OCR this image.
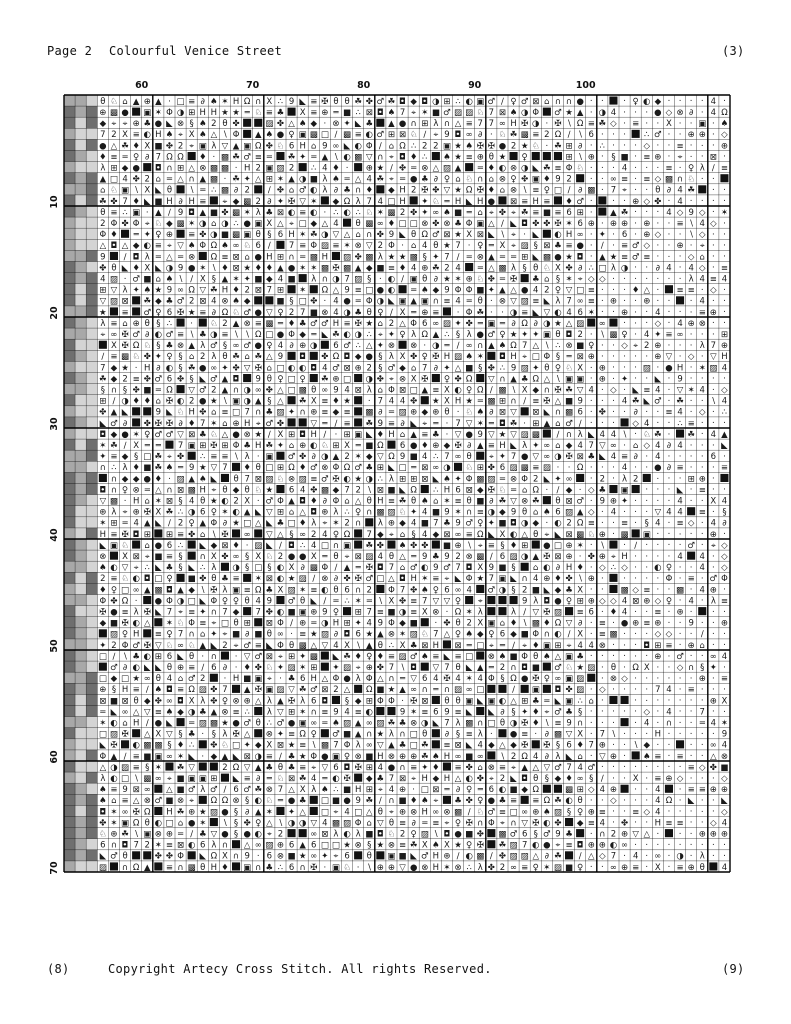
Page 2 Colourful Venice Street	(3)
60	70	80	90	100
10
20
30
40
50
60
70
θ ♘ ⌂ ▲ ⊕ ▲ · □ ≡ ∂ ♠ ✶ H Ω ∩ X ∴ 9 ◣ ≡ ✠ θ θ ☘ ✤ ♂ ☘ ◘ ◆ ◘ ◑ ⊞ ∴ ◐ ▣ ♂ ∕ ♀ ♂ ⊠ ⌂ ∩ ∩ ● · · · ♀ ◐ ◆ · · · · 4 ·
⊕ ▩ ● ▣ ✶ Φ ◑ ⊞ H H ★ ★ ═ ♘ ≡ ♣ X ≡ ⊕ ═ ■ ∴ ⊠ ◘ ♠ 7 ⌖ ✶ ■ ♂ ▨ ▨ ♘ 7 ⊠ ♠ ◑ Φ ♂ ★ ▲ · ◑ 4 · · · ● ◇ ⊗ ∂ · 4 Ω
◆ ⌖ ⌖ ⊕ ♣ ● ◣ ⊗ § ♠ 2 θ ✤	▨ ✤ △ ♠ ◆ · ⊗ ✦ ◣ ♣ ▲ ● ∩ ⊞ λ ∩ △ ≡ 7 7 ∞ H ✠ ◑ · ✠ ∖ Ω ≡ ☘ ◇ · ≡ · · X · · ▣ · ♠
7 2 X ≡ ◐ H ♠ ⌖ X ♠ △ ∖ Φ ▲ ♠ ● ♀ ▣ ▩ □ ∕ ▩ ≡ ◐ ♂ ⊞ ⊠ ♘ ∕ ⌖ 9 ◘ ∞ ∂ · ♘ ☘ ▩ ≡ 2 Ω ∕ ∖ 6 · · · ∴ ♂ · · ⊕ ⊕ · ◇
● △ ☘ ♦ X ■ ✤ 2 ⌖ ▣ λ ▽ ▲ ▣ Ω ✤ ♘ 6 H ⌂ 9 ∞ ◣ ◐ Φ ∕ ⌂ Ω ∴ 2 2 ▣ ★ ♠ ✠ ✠ ● 2 ★ ♘ · ☘ ⊞ ∂ · ∴ · · · ◇ · · ≡ · · · ⊕
♦ ≡ ═ ♀ ∂ 7 Ω Ω ♦ · ▩ ☘ ♂ ≡ ═ ☘ ✦ ═ ▲ ∖ ◐ ▩ ▽ ∩ ⌖ ◘ ♦ ∴ ♠ ★ ≡ ⊕ θ ★ ♀	⊞ ∖ ⊕ · § ■ · ≡ ⊕ · ⌖ · · ⊠ ·
λ ⊞ ◆ ● ◘ ∩ ⊞ △ ⊗ ▩ ▩ · H 2 ▣ ▨ 2 ∴ 4 ♦ · ⊕ ★ ∕ ✤ ═ ⊗ △ ▨ ▲ ═ ♦ ◐ ⊗ ◑ ◣ ☘ ≡ Φ ♘ · · · 4 · · · ≡ · ♀ λ ∕ ≡
▲ □ 4 ✤ 2 ⌂ ═ △ ∩ ▲ ▩ · ☘ ✦ △ ⊞ ✶ ▲ ◑ ■ λ ♠ ═ △ 4 ☘ ⌖ ═ ● ♣ ∂ ♀ ⌂ ♘ ∩ ⌂ ⊗ ♀ ✤ ▣ ♦ 9 2 · · ∞ ≡ · ≡ ◇ ▩ ∩ ♘ · ·
⌂ ♘ ▣ ∖ X ◣ θ ∖ ═ ∴ ▩ ∂ 2 ∕ ✤ ⌂ ♂ ◐ λ ∂ ♣ ∩ ♦ ◆ H 2 ✠ ✤ ▽ ★ Ω ✠ ♦ ⌂ ⊗ ∖ ≡ ♀ □ ∕ ∂ ▩ · 7 ⌖ · · θ ∂ 4 ☘ · ·
☘ ✤ 7 ♦ ◣ ■ H ∂ H ≡ ⌖ ◆ ▩ 2 ∂ ✦ ✠ ▽ ✶ ◆ Ω λ 7 4 □ H ✦ ♘ ═ H ◣ H ● ⊠ ≡ H ≡ ♦ ♂ · · · ⊕ ◇ ✤ · 4 · · · ·
θ ≡ ∴ ▣ · ▲ ∕ 9 ◘ ▲ ■ ✤ ▩ ✶ λ ♣ ⊠ ◐ ≡ ◐ · ∴ ◐ ∴ ♘ ✶ ▩ 2 ✤ ✦ ∞ ♠ ■ ═ ⌂ ⌖ ✤ ⌖ ☘ ≡ ■ ≡ 6 ⊞ · ▲ ☘ · · · 4 ◇ 9 ◇ · ✶
2 Φ ✤ Φ ⌖ ♘ ◆ ▩ ✶ ◑ ⌂ ◑ ∴ ● ▣ X △ ⌖ □ ◆ △ 4 θ ▩ ∞ ♦ □ □ ⊗ ✤ ⊗ ♣ Φ ▣ △ ∕ ◣ ◘ ✤ ✤ ✠ ✶ 6 ⊕ · ⊕ ⊕ · ⊕ · · ≡ ∖ 4 ◇ ·
Φ ♦ ═ ✦ ♀ ⊕ ≡ ✤ ◑ ■ ▩ ▣ θ § 6 H ✶ ☘ ◑ ▽ △ ⌂ ∩ ✤ 9 ◣ θ Ω ♂ ⊠ ★ X ⊠ ◣ ∖ ⌖ · ◣ ◐ H ∞ · ✦ · 6 · ⊕ ◇ · · ∖ ◇ · ·
△ ◘ △ ◆ ◐ ≡ ⌖ ▽ ♠ Φ Ω ♠ ∞ ♘ 6 ∕ 7 ≡ Φ ▨ ≡ ✶ ⊗ ▽ 2 Φ · ⌂ 4 θ ★ 7 · ♀ ═ X ⌖ ▨ § ⊠ ♣ ≡ ● · ∕ · ≡ ♂ ◇ · · ⊕ · ⌖ · ·
9 ∕ ◘ λ ═ △ ═ ⊗ Ω ≡ ⊠ ⌂ ● H ⊞ ∩ ═ ▩ H ▨ ✤ ▩ λ ★ ★ ▩ § ✦ 7 ∕ ═ ⊗ ▲ ═ ═ ⊞ ◣ ▩ ● ★ ◘ · ▲ ★ ≡ ♂ ≡ · · · ◇ ⌂ · ·
✤ θ ◣ ♦ X ◣ ◑ 9 ● ✶ ∖ ♦ ⊠ ★ ♦ ♦ ▲ ● ✶ ✶ ▩ ✠ ▩ ▲ ◆ ■ ≡ ♦ 4 ⊕ ☘ 2 4 ═ △ ▩ λ § θ ♘ X ✤ ∂ ∴ □ λ ◑ · · ∂ 4 · 4 ◇ · ≡
4 ▨ · ♂ ■ ⌂ ♠ ∖ ∕ X § ▲ ✶ ✦ ■ ◆ 4 ■ λ ∩ ◑ 7 ▨ § · ◐ ∕ ▣ θ ∂ ★ ✶ ⊕ ♘ ✤ ═ ✠ ♣ ⌂ § ✶ ⌖ ◇ ◇ · · · · · · · λ 4 ≡ 4
⊞ ▽ λ ✦ ♠ ★ 9 ∞ Ω ▽ ☘ H ♦ 2 ⊠ 7 ⊞ ✶ Ω △ 9 ≡ □ ● ◐ ═ ♠ ◆ 9 Φ Φ ■ ✦ ▲ △ ● 4 2 ♀ ▽ □ ≡ · · · ♦ △ · ≡ ≡ · ◇ ·
▽ ▨ ⊠ ☘ ◆ ♣ ♂ 2 ⊠ 4 ⊗ ♠ ◆	■ § □ ✤ · 4 ● ═ Φ ◑ ◣ ▣ ▲ ▣ ∩ ≡ 4 ═ θ · ⊗ ▽ ▨ ≡ ◣ λ 7 ∞ ≡ · ⊕ · · ⊕ · · · 4 · ·
★ ≡ ♂ ♀ 6 ✠ ★ ≡ ∂ Ω ♘ ♂ ● ▽ ♀ 2 7 ■ ⊗ 4 ◑ ♣ θ ♀ ∕ X ═ ⊕ ≡ · Φ ☘ · · ◑ ≡ ◣ ▽ ◐ 4 6 ✶ · · ⊕ · · 4 · · · ≡ ⊕ ·
λ ≡ ⌂ ⊕ θ § ∴ · ♘ 2 ▲ ⊗ ≡ ▩ ═ ♦ ♣ ♂ ♂ H ≡ ✠ ★ ⌂ 2 △ Φ 6 ∞ ▨ ✦ ✤ ═ ▣ ═ ∂ Ω ∂ ◑ ★ △ ▨ ∞ · · · ◇ · 4 ⊕ ⊗ · ·
⌖ ∞ ✠ ♂ ∂ ◐ ♂ ≡ ∖ ♣ ◑ ≡ ∖ ∖ Ω □ ● Φ ◆ ═ ◣ ☘ ◐ ◑ ∴ ⌖ ✦ ♀ λ Ω ▲ ∴ § λ ● ♂ ♀ ★ ✦ ✦ ▣ θ ◘ 2 · ∖ ▩ ♀ · 4 ✦ ≡ ∞ · · · ⊞
X ✠ Ω ♘ § ♣ ⊗ ▲ λ ♂ § ∞ ♂ ● ♀ 4 ∂ ⊕ ◑ 6 ♂ ∴ △ ✦ ⊗ ⊗ · ◑ ═ ∕ ∞ ∩ ▲ ♠ Ω 7 △ ∖ ∴ ⊗ ■ ♀ · · ◇ ⌖ 2 ⊕ · · · λ 7 ⊕
∕ ≡ ▩ ♘ ✤ ✦ ♀ § ⌂ 2 λ θ ☘ ⌂ ☘ △ 9 ◘ ✤ Ω ◘ ◆ ● § λ X ✤ ♀ ✠ H ▨ ♠ ✶ ◘ H ⌖ □ Φ § ═ ⊠ ⊕ · · · · · ⊕ ▽ · ◇ · ▽ H
7 ◆ ★ · H ∂ ◐ § ☘ ● ∞ ✦ ✤ ▽ ✠ ⌂ □ ◐ ◐ ◘ 4 ♂ ⊠ ⊕ 2 § ♂ ◆ ⌂ 7 ∂ ✦ △ ■ § ✤ ∴ 9 ▨ ✦ θ ♀ ♘ X · ⊕ · · · ▨ · ● H · ✶ ▨ 4
☘ ◆ 2 ≡ ✤ ♂ 6 ✤ § ◣ ♂ ▲ ◘ 9 θ ♀ □ ♀ ☘ ⊕ □ ◑ ✤ ⌖ ⊗ X ✠ ♀ ✤ Ω ▽ ∩ ▲ ♣ Ω △ ∖ ▣ ▣ · ⊕ · ✦ · · ◣ · 9 · · · ·
§ ∩ § ✤ ■ ═ Ω ▽ ♂ 2 ▲ ∩ ◑ ∞ ✤ △ □ ▩ θ ∞ 9 4 ⊠ λ ⌂ Φ ⊠ □ ▲ ≡ X ◐ ♀ Ω ∕ ▩ ∖ X ◆ ∩ ✠ ☘ ▽ 4 · ◇ · ◣ ≡ 4 · ▽ ✶ 4 · ◇
⊞ ∕ ◑ ♦ ♦ ⌂ ✠ ◐ 2 ● ★ ∖ ▣ ◑ ▲ § △ ☘ X ≡ ♦ ★ · 7 4 4 ✤ ★ X H ★ ═ ▩ ⊞ ∩ ∕ ≡ ✠ △ ■ 9 · · · 4 ☘ ◣ ♂ · ☘ · · ∖ 4
✤ ▲ ◣	9 ◣ ♘ H ✤ ⌂ ≡ □ 7 ∩ ♣ ▨ ✦ ∩ ⊕ ≡ ◆ ≡ ▩ ∂ ═ ▨ ⊕ ◆ ⊕ θ · ♘ ♠ ∂ ⊠ ▽ ⊠ ◣ ∩ ▩ 6 · ✤ · · ∂ · · ≡ 4 · ◇ · ∴
◣ ♂ ∂ ✤ ✠ ✠ ∂ ♦ 7 ✶ ⌂ ⊕ H ⌖ ♂ ✤	▽ ═ ∕ ≡ ☘ 9 ≡ ∂ ◣ ⌖ ═ · 7 ▽ ✶ ═ ◘ ☘ · ⊞ ▲ ⌂ ♂ ∕ · · · ◇ 4 · · ∴ ≡ · · ·
◘ ◆ ● ✶ ♀ ♂ ♂ ▽ ⊠ ♣ ♘ △ ● ⊗ ★ ∕ X ⊞ ◘ H ∕ · ⊞ ▣ ◣ ♦ H ⌂ ▲ ≡ ♣ · ▽ ● 9 ▽ ★ ▽ ▨ ▩ ∕ ∩ λ ◣ 4 4 ∖ · ♘ ☘ · ☘ · 4 ▲
✶ ☘ ∕ X ═ ═ 7 ▣ ⊞ ✠ ⊞ Φ ♣ H ☘ ✦ ⌂ ⊕ ◐ ♘ ⊞ X ═ ■ Ω 6 ● ♦ ⊕ ◆ ✠ ∂ ▲ ≡ H ◣ λ ✦ ∞ ⌂ ◆ 4 7 ▽ ∞ · ⌂ ◇ 4 ∂ 4 · · · ◣
✦ ≡ ◆ § □ ☘ ⌖ ✤ ∴ ≡ ≡ ∖ λ · ▣ ♂ ✤ ∂ ◑ ▲ 2 ✶ ◆ ▽ Ω 9 ■ 4 ∴ 7 ∞ θ ⌖ ✦ 7 ● ▽ ∞ ◑ ✠ ⊠ ♣ ◣ 4 ≡ ∂ · 4 · · · · 6 ·
∩ ∴ λ ♦ ■ ☘ ♠ ═ 9 ★ ▽ 7 ♦ θ □ ⊞ Ω ♦ ♂ ⊗ Φ Ω ♂ ♣ ⊞ ◣ □ ═ ⊠ ∞ ◑ ♘ ⊞ ✤ 6 ▨ ▩ ≡ ▨ · · Ω · · · 4 · · ● ∂ ≡ · · · ≡
∩ ◆ ◆ ● ♦ · ▨ ▲ ♠ ◣ θ 7 ⊠ ▨ ♘ ⊗ ▨ ≡ ♂ ✠ ◐ ★ ◑ ∴ λ ⊞ ⊞ ⊠ ◣ ♠ ✦ Φ ▩ ▨ ═ ⊗ Φ 2 ◣ ✦ ∞ · 2 · λ 2 · · · ⊞ ⊕ ·
◘ ∩ ♀ ⊗ ═ △ ∩ ⊠ ▩ H ⌖ θ ◆ θ ♘ ★ 6 4 ✤ ▩ ◆ 7 2 ∖ ⊠ ■ ◣ Ω ∴ H 6 ⊠ ◆ ✠ ♘ ═ ⌂ Ω · ∕ ◆ · ◇ ♣ ▣ · · · ◣ · ≡ · ·
▽ ▩ · H ⌂ ✶ ⊠ § 4 θ ★ ◐ 2 X · ♂ Φ ▲ ◘ ♦ ∂ Φ ⌂ △ θ H ≡ ☘ θ ♠ ⌂ ✶ ≡ θ ■ ∂ ☘ ▽ ⊗ ☘ θ ⊠ ♂ · 9 ⊕ ✦ · · · · 4 · · X 4
⊕ λ ⌖ ⊕ ✠ X ☘ ∴ ◑ 6 ♀ ✶ ◐ ▲ ◣ ▽ ⊞ ⌂ △ ◘ ⊕ λ ∴ ♀ ∩ ▩ ▨ ♘ ✦ 4 ■ 9 ✶ ∩ ≡ ◑ ◆ 9 θ ⌂ ♠ 6 ▨ ▲ ◇ · 4 · · · ▽ 4 4 ≡ · §
✶ ⊞ ═ 4 ▲ ◣ ∕ 2 ♀ ▲ Φ ∂ ★ □ △ ◣ ♣ □ ♦ λ ⌖ ✶ 2 ∩ λ ⊕ ◆ 4 ■ 7 ♣ 9 ♂ ♀ ✦ ■ ◘ ◑ ◆ · ◐ 2 Ω ≡ · · ≡ · § 4 · ≡ ◇ · 4 ∂
H ≡ ✠ ◘ ⊞ ⊞ ≡ ✤ ⌂ ∖ ✠ ∞ ▽ △ § ∞ 2 4 ♀ Ω 7 ◆ ⌖ ⌂ § 4 ◆ ⊠ ∞ ≡ Ω ◣ X ◐ △ θ ⌖ ◣ ⊠ ▩ ♘ ⊕ · ▩ ▣ · · · · · ⊕ ·
◣ ▣ ♘ ⌂ ● 6 ∴ ◣ ◆ ⊠ ♦ · ▨ ◣ ∕ ◘ ∴ 4 □ ∩ ▣ ☘ ✤ ♠ ✤ ✤ ■ ⊕ ∖ ⌖ ≡ § ♦ ⊞ ● □ ⊕ ✶ · ∖ · ∕ · · · · ♂ · ⌖ ◇
⊗ X ⊠ ⌖ ■ ≡ § ∩ X ✤ ∞ § X ♘ 2 ● ● X ═ θ ⌖ ⊠ ▨ 4 θ △ ═ 9 ♣ 9 2 ⊗ ▩ ∕ 6 ▨ ◑ ▲ ✠ ⊠ ⊕ · ✤ ⊕ ⌖ H · · · · 4 4 · ◇
♠ ◐ ▽ ⌖ ∴ ◣ ♣ § ◣ ∴ λ ◑ § □ § ◐ X ∂ ▩ Φ ∕ ▲ ═ ✠ ◘ 7 ⌂ ♂ ◐ 9 ♂ 7 ◘ X 9 ■ § ⌂ ◐ ∂ H ♦ · ◇ ∴ ◇ · · ◐ ♀ · · 4 · ◇
2 ≡ ♘ ◐ ◘ □ ♀ ■ ✤ θ ♣ ≡ ✶ ⊠ ◐ ★ ▨ ∕ ⊗ ∂ ✤ ✠ ♂ □ △ ◘ H ✶ ≡ ⌖ ◣ Φ ★ 7 ▣ ◣ ∩ 4 ⊕ ♦ ✤ ∖ ⊕ · · · · · Φ · ≡ · ♂ Φ
♦ ♀ □ ∞ ▲ ▩ ◘ ▲ ◆ ∖ ✠ λ ▣ ≡ Ω ♣ X ▨ ✶ ≡ ◐ θ 6 ∩ 2 Φ 7 ✤ ♠ ♀ 6 ∞ 4 ♂ ◑ § 2 ■ ◣ ◆ ♣ X · · ▩ ◇ ≡ · · ▩ · 4 ⊕ ·
Φ ✤ Ω · ● Φ ◑ □ ◣ Φ ♀ ♀ θ 4 9 ♂ θ ◣ ∕ ═ ∴ ✶ ═ ∖ X ✤ ≡ 7 ▽ ▽ ♀ ⌖	9 λ ◘ ● ♀ ⊞ ⊕ ◇ ◇ 4 ⊠ ⊕ ◇ ♀ · 4 · λ ≡
✠ ● ≡ λ ✠ ◣ 7 ⌖ ≡ ✦ ∩ 7 ◆ 7 ✤ ◐ ■ ▣ ⊕ 9 ♀ ⊞ 7 ≡ ■ ◑ ≡ X ⊗ · Ω ✶ λ	λ ∕ ▽ ✠ ▨ ≡ 6 · ♦ 4 · · ≡ · ⊕ · · ·
◆ ■ ✠ ◐ △ ✶ ♘ Φ ≡ ⌖ □ θ ⊞ ⊠ Φ ∕ ⊕ ═ ◑ H ⊞ ✦ 4 9 Φ ◆ ■ · ✤ θ 2 X ▣ ⌂ ♦ ∖ ▩ ♦ Ω ▽ ∂ · ≡ · ● ⊕ ≡ ⊕ · · 9 · · ⊕
▨ ♀ H ≡ ♀ 7 ∩ ⌂ ✦ ⌖ ■ ∂ ■ θ ∞ · ≡ ★ ▨ ∂ ◘ 6 ★ ▲ ⊗ ✶ ▨ ♘ 7 △ ♀ ♠ ◆ ♀ 6 ◆ ■ Φ ∩ ◐ ∕ X · ≡ ▩ · · · ◇ ◇ · · ∕ · ·
✦ 2 Φ ♂ ✠ ▽ ♘ ∞ ♘ ▲ ◣ 2 ⌖ ♂ ≡ ◣ Φ θ ▩ △ ▽ 4 X ∖ ▲ θ ∴ X ♣ ⊠ H ⊠ ═ □ ⌖ ═ ∕ ⌖ ♦ ▣ ⊞ ⌖ 4 4 ⊗ · · · ◘ ⊞ ≡ · ⊕ ⌂ · ·
□ ∕ ∖ ♣ ◐ ⊞ 6 ◣ θ · ∩ · ▽ ♂ ⊠ ⌖ ⊞ ✦ ▩ ◣ ☘ ♦ ♀ ♦ ≡ ▨ ♂ ♠ ≡ ◣ ≡ □ ⊗ ♠ ■ Φ θ ♠ △ ▣ ♣ · · · · · · ⊕ · ♂ · · ∞ 4
♂ ∂ ◐ ◣ ◣ θ ⊕ ≡ ∕ 6 ∂ · ♦ ✤ ♘ ✦ ▨ ✶ ⊞ ✦ ▨ ⌖ ⊕ ✤ 7 ∖ ◘ ▽ 7 θ ◣ ▲ ═ 2 ∩ ◘ ■ ♂ ♘ ★ ▨ · θ · Ω X · · ◇ ∩ § ✦ ·
□ ◆ □ ★ ∞ θ 4 ⌂ ♂ 2 · H ■ ▣ ⌖ · ♣ 6 H △ Φ ● λ Φ △ ∩ ═ ▽ 6 4 ✠ 4 ✶ 4 Φ § Ω ● ✠ ♀ ∞ ▣ ▨ · ⊗ ◇ · · · · · · ⊕ · ≡
⊕ § H ≡ ∕ ♠ ◘ ≡ Ω ▨ ✤ 7 ▲ ✠ ▣ ▨ ▽ ☘ ♂ ⊠ 2 △ Ω ■ ★ ▲ ∞ ∩ ═ ∩ ▨ ∞ □	∕ ▣ ◘ ✤ ▨ · ◇ · · · · 7 4 · ≡ · · ·
⊠ ■ ⊠ θ ◆ ✤ ∞ ◘ X λ ✤ ♀ ⊗ ⊕ △ λ ▲ ✠ λ 6 ◘ § ◆ ⊞ Φ Φ · ✠ ⊠ θ θ ▣ ◣ ▣ ◐ △ ⊞ ♣ ═ ◣ ▣ ∴ ⌂ ·	· · · · · · · ⊕ X
═ ◣ ∞ △ ▽ ≡ ♠ ◆ ◑ ♣ ▲ ⊗ ≡ ∴ λ ▽ ⊞ ✶ ∩ ≡ 9 4 ≡ ◐	9 ✶ ≡ 6 9 ≡ ◣ ◣ ∂ § ✦ ♦ ⌖ ♂ ♣ § · · · · · ◇ · 4 · · 7 · ·
✶ ◐ ⌂ H ∕ ● ◣ ═ ▨ ▩ ★ ● ♂ θ ∴ ♂ ● ▣ ∞ ═ ♠ ▨ ▲ ∞ ▨ ☘ ♣ ⊗ ◑ ◣ 7 λ ▩ ∩ □ θ ◑ ✠ ♦ ∖ ≡ 9 ∩ · · · · 4 · ∩ · · ═ 4 ✶
□ ▨ ✠ △ X ▽ § ♣ · § λ ✠ △ ⊗ ✦ ≡ Ω ♀ ♂ ■ ▲ ∩ ★ λ ∩ □ θ ∂ § ≡ λ · ● ≡ · ∂ ▩ ▽ X · 7 ∖ · · · H · · · · · 9
◣ ✠ ◐ ▩ ▩ § ♦ ∴ ✤ ♘ □ ✦ ◆ X ⊠ ★ ≡ ∖ ▩ 7 Φ λ ∞ ▽ ▲ ♣ □ ☘ ≡ ⊠ ◣ 4 ◆ △ ◆ ✠ ✠ § 6 ♦ 7 ⊕ · · ∖ ◆ · · · · ∞ 4
Φ ▲ ∕ ≡ ■ ▣ ∞ ✶ ◣ · ◆ ▲ ◣ ⊠ ◑ ≡ ∕ ♣ ★ Φ ● ▣ ♀ ⊗ ■ H ⊗ ⊕ ⊕ ☘ ♠ H ∞ ■ ∞ ∖ 2 Ω 4 ∂ λ ◣ ⌂ · ▽ ⊕ · ♠ ≡ · ≡ · · △ ⊗
△ ◑ ▨ ≡ § ✶ ☘ ▽	2 Ω ▽ ▲ ♣ θ ♣ ≡ ⌖ ▽ 6 ◘ ✠ ⊞ 4 ● ∩ ≡ ✦ ♦ ≡ ✤ ⌂ ⊗ ≡ ⌖ ▲ △ ▽ ♂ 7 4 ♂ · · · · · · · · ≡ ◇ ✤ ■
λ ◐ □ ∖ ▩ ∞ ⌖ ■ ▣ ▣ ⊞ ◣ ≡ ∂ ═ ♘ ⊠ ☘ 4 ═ ◐ ✠ ◆ ♣ 7 ⊠ ⌖ H ◆ H △ ◐ ✤ ⌖ 2 ◣ ◘ θ § ◆ ♦ ∞ § ∕ · · X · ≡ ⊕ ◇ · · · ◇
♠ ≡ 9 ⊠ ∞ △ ■ ♂ λ ♂ ∕ 6 ♂ ☘ ⊗ 7 △ X λ ♠ ∴ ■ H ⊞ ⌖ 4 ⊕ · □ ⊠ ═ ∂ ♀ ═ 6 ◐ ■ ◆ Ω	▩ ⊞ ◇ 4 ⊕ · · 4 · ≡ ≡ ⊕ ⊕
♠ ⌂ ≡ △ ⊗ ♂ ■ ⊗ ⌖ Ω Ω ⊗ § ◐ ♘ ═ ● ♣ □ ■ ● 9 ☘ ∕ ∩ ■ ♦ ♠ ⌖ ♣ ✤ ♀ ● ♣ ≡ ≡ Ω ☘ ◐ θ · · ◇ · · · 4 Ω · ◣ · · ◣
◘ ✶ ∞ ✠ Ω H ☘ ⊕ ★ ▨ ● § ∂ ▲ ✶ ✦ △ □ ⌖ 4 □ △ θ ⌖ ⊕ ⊗ H ∞ ⊗ ▩ ∕ ♘ ♂ ≡ □ ∞ ⊕ ♠ ▨ § ♀ ⊕ ≡ · · ≡ ◇ 4 · · · · · ◇
✤ ✶ ▣ Ω θ ◐ □ ⌂ ● ✶ ∖ § ✤ ♀ △ ∖ ◑ ◑ ▽ 4 ▩ ▨ Φ ⌂ ▽ θ ≡ ∂ ═ ≡ ⌖ ♀ ✠ ∩ Φ ⌖ ∩ ▽ ✠ ◐ ✤ ◆ ≡ 4 · ✤ · · H ≡ ≡ · · ◇ 4
♘ ⊕ ☘ ∖ ▣ ⊗ ⊕ ═ ∕ ♣ ▽ ● § ● ◐ ⌖ 2	∞ ⊠ λ ◐ λ ■ ◘ ♘ 2 ♀ ▨ ∖ ◘ ● ■ ✤ ▩ ♂ 6 § ♂ 9 ♣ · ∩ 2 ⊕ ▽ △ · · · ⊕ ⊕ ⊕
6 ∩ ◘ 7 2 ✶ ≡ ⊠ ◐ 6 λ ∩ △ ∞ ▨ ⊕ 6 ▲ 6 □ □ ★ ⊗ § ★ ⊗ ≡ ☘ X ♠ X ★ ♀ ✠ ☘ ▨ 7 ◐ ● ⌖ ≡ ◘ ⊕ ⊕ ◐ ∞ · · · · · · · · ·
◣ ♂ θ	✤ ✤ Φ ◣ Ω X ∩ 9 · 6 ⊗ ■ ★ ∞ ✦ ⌖ 6 θ ▣ ■ ◣ ♂ H ⊕ ∕ ◐ ▩ ∕ ✤ ▨ ▨ △ ∂ ☘ ∕ △ ◇ 7 · 4 · ∞ · ◑ · λ · ·
▨ ∩ Ω ▲ ≡ ∩ ▩ θ H ♦ ▣ ∩ ♣ ∴ 6 ∩ ✠ · ▣ ♘ · ∖ ⊕ ⊕ ▽ ● ⊗ H ✶ ⊗ ∴ λ ✤ 2 ∞ ≡ ♀ ✶ ▨ ■ ♀ · · ∞ ⊕ ≡ · X · ≡ ⊕ θ 4
(8)	Copyright Artecy Cross Stitch. All rights Reserved.	(9)
